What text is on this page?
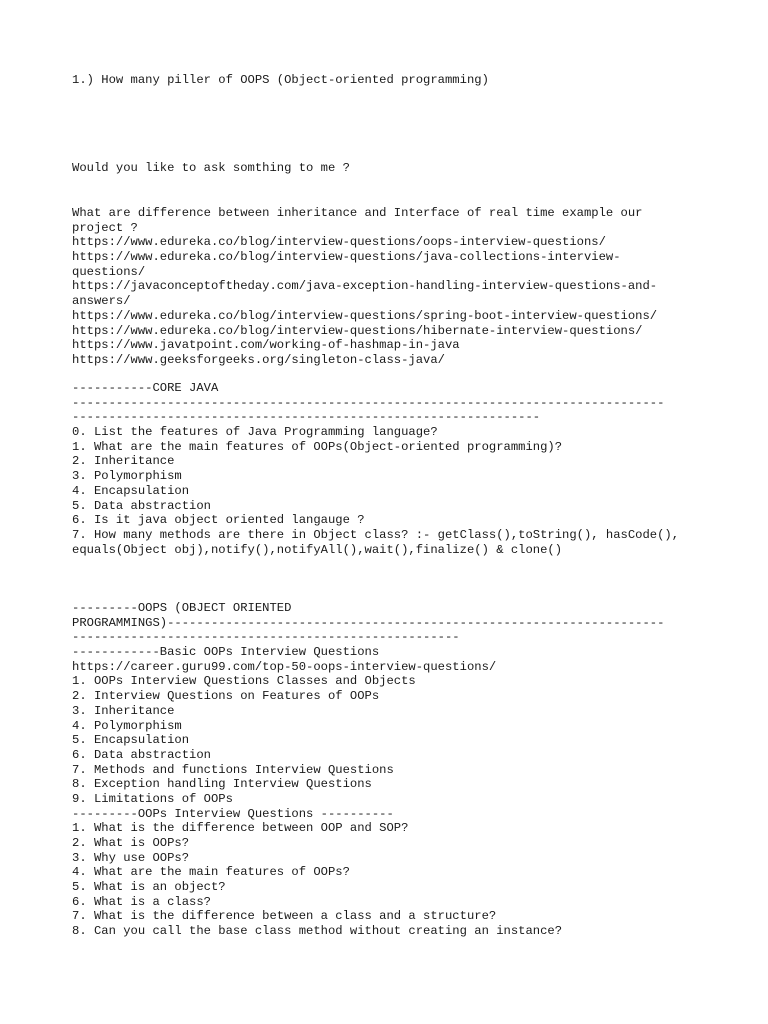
1.) How many piller of OOPS (Object-oriented programming)
Would you like to ask somthing to me ?
What are difference between inheritance and Interface of real time example our
project ?
https://www.edureka.co/blog/interview-questions/oops-interview-questions/
https://www.edureka.co/blog/interview-questions/java-collections-interview-
questions/
https://javaconceptoftheday.com/java-exception-handling-interview-questions-and-
answers/
https://www.edureka.co/blog/interview-questions/spring-boot-interview-questions/
https://www.edureka.co/blog/interview-questions/hibernate-interview-questions/
https://www.javatpoint.com/working-of-hashmap-in-java
https://www.geeksforgeeks.org/singleton-class-java/
-----------CORE JAVA
---------------------------------------------------------------------------------
----------------------------------------------------------------
0. List the features of Java Programming language?
1. What are the main features of OOPs(Object-oriented programming)?
2. Inheritance
3. Polymorphism
4. Encapsulation
5. Data abstraction
6. Is it java object oriented langauge ?
7. How many methods are there in Object class? :- getClass(),toString(), hasCode(),
equals(Object obj),notify(),notifyAll(),wait(),finalize() & clone()
---------OOPS (OBJECT ORIENTED
PROGRAMMINGS)--------------------------------------------------------------------
-----------------------------------------------------
------------Basic OOPs Interview Questions
https://career.guru99.com/top-50-oops-interview-questions/
1. OOPs Interview Questions Classes and Objects
2. Interview Questions on Features of OOPs
3. Inheritance
4. Polymorphism
5. Encapsulation
6. Data abstraction
7. Methods and functions Interview Questions
8. Exception handling Interview Questions
9. Limitations of OOPs
---------OOPs Interview Questions ----------
1. What is the difference between OOP and SOP?
2. What is OOPs?
3. Why use OOPs?
4. What are the main features of OOPs?
5. What is an object?
6. What is a class?
7. What is the difference between a class and a structure?
8. Can you call the base class method without creating an instance?
